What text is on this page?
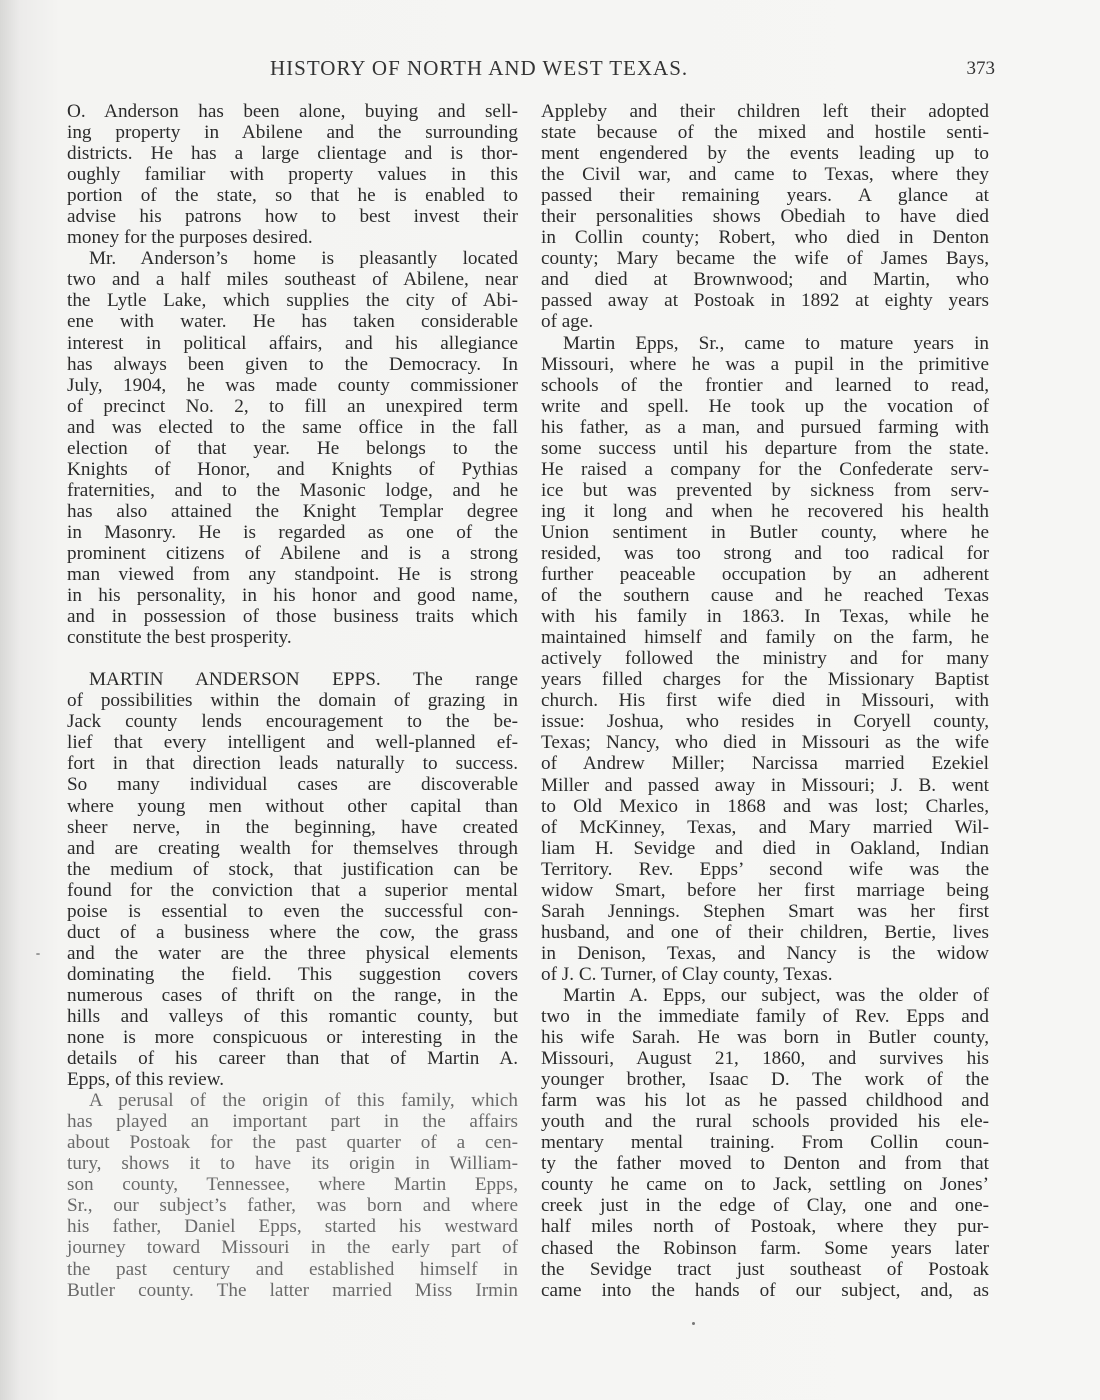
HISTORY OF NORTH AND WEST TEXAS.	373
O. Anderson has been alone, buying and sell-
ing property in Abilene and the surrounding
districts. He has a large clientage and is thor-
oughly familiar with property values in this
portion of the state, so that he is enabled to
advise his patrons how to best invest their
money for the purposes desired.
Mr. Anderson’s home is pleasantly located
two and a half miles southeast of Abilene, near
the Lytle Lake, which supplies the city of Abi-
ene with water. He has taken considerable
interest in political affairs, and his allegiance
has always been given to the Democracy. In
July, 1904, he was made county commissioner
of precinct No. 2, to fill an unexpired term
and was elected to the same office in the fall
election of that year. He belongs to the
Knights of Honor, and Knights of Pythias
fraternities, and to the Masonic lodge, and he
has also attained the Knight Templar degree
in Masonry. He is regarded as one of the
prominent citizens of Abilene and is a strong
man viewed from any standpoint. He is strong
in his personality, in his honor and good name,
and in possession of those business traits which
constitute the best prosperity.
MARTIN ANDERSON EPPS. The range
of possibilities within the domain of grazing in
Jack county lends encouragement to the be-
lief that every intelligent and well-planned ef-
fort in that direction leads naturally to success.
So many individual cases are discoverable
where young men without other capital than
sheer nerve, in the beginning, have created
and are creating wealth for themselves through
the medium of stock, that justification can be
found for the conviction that a superior mental
poise is essential to even the successful con-
duct of a business where the cow, the grass
and the water are the three physical elements
dominating the field. This suggestion covers
numerous cases of thrift on the range, in the
hills and valleys of this romantic county, but
none is more conspicuous or interesting in the
details of his career than that of Martin A.
Epps, of this review.
A perusal of the origin of this family, which
has played an important part in the affairs
about Postoak for the past quarter of a cen-
tury, shows it to have its origin in William-
son county, Tennessee, where Martin Epps,
Sr., our subject’s father, was born and where
his father, Daniel Epps, started his westward
journey toward Missouri in the early part of
the past century and established himself in
Butler county. The latter married Miss Irmin
Appleby and their children left their adopted
state because of the mixed and hostile senti-
ment engendered by the events leading up to
the Civil war, and came to Texas, where they
passed their remaining years. A glance at
their personalities shows Obediah to have died
in Collin county; Robert, who died in Denton
county; Mary became the wife of James Bays,
and died at Brownwood; and Martin, who
passed away at Postoak in 1892 at eighty years
of age.
Martin Epps, Sr., came to mature years in
Missouri, where he was a pupil in the primitive
schools of the frontier and learned to read,
write and spell. He took up the vocation of
his father, as a man, and pursued farming with
some success until his departure from the state.
He raised a company for the Confederate serv-
ice but was prevented by sickness from serv-
ing it long and when he recovered his health
Union sentiment in Butler county, where he
resided, was too strong and too radical for
further peaceable occupation by an adherent
of the southern cause and he reached Texas
with his family in 1863. In Texas, while he
maintained himself and family on the farm, he
actively followed the ministry and for many
years filled charges for the Missionary Baptist
church. His first wife died in Missouri, with
issue: Joshua, who resides in Coryell county,
Texas; Nancy, who died in Missouri as the wife
of Andrew Miller; Narcissa married Ezekiel
Miller and passed away in Missouri; J. B. went
to Old Mexico in 1868 and was lost; Charles,
of McKinney, Texas, and Mary married Wil-
liam H. Sevidge and died in Oakland, Indian
Territory. Rev. Epps’ second wife was the
widow Smart, before her first marriage being
Sarah Jennings. Stephen Smart was her first
husband, and one of their children, Bertie, lives
in Denison, Texas, and Nancy is the widow
of J. C. Turner, of Clay county, Texas.
Martin A. Epps, our subject, was the older of
two in the immediate family of Rev. Epps and
his wife Sarah. He was born in Butler county,
Missouri, August 21, 1860, and survives his
younger brother, Isaac D. The work of the
farm was his lot as he passed childhood and
youth and the rural schools provided his ele-
mentary mental training. From Collin coun-
ty the father moved to Denton and from that
county he came on to Jack, settling on Jones’
creek just in the edge of Clay, one and one-
half miles north of Postoak, where they pur-
chased the Robinson farm. Some years later
the Sevidge tract just southeast of Postoak
came into the hands of our subject, and, as
